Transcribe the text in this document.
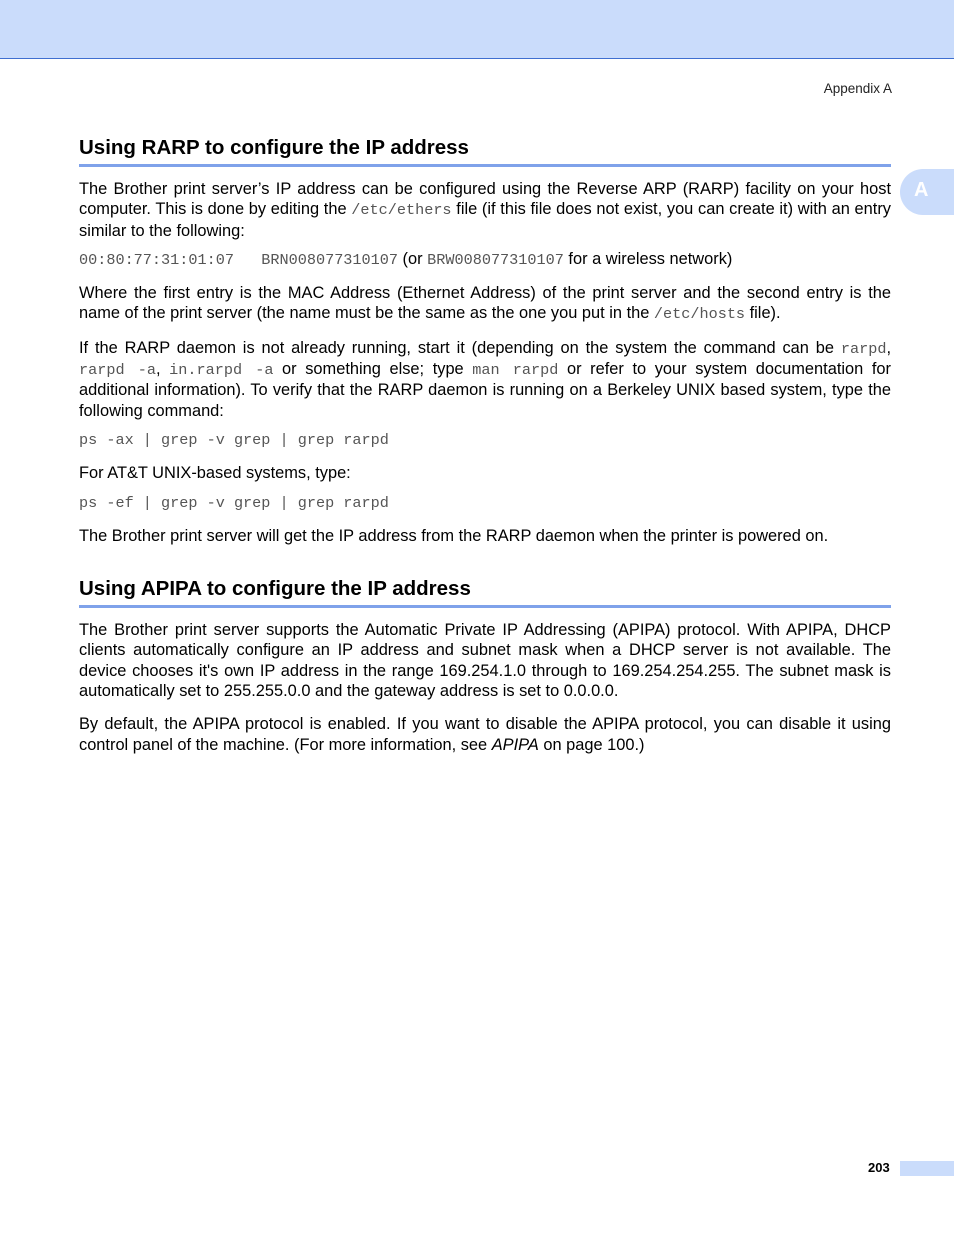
Appendix A
A
Using RARP to configure the IP address

The Brother print server’s IP address can be configured using the Reverse ARP (RARP) facility on your host computer. This is done by editing the /etc/ethers file (if this file does not exist, you can create it) with an entry similar to the following:

00:80:77:31:01:07   BRN008077310107 (or BRW008077310107 for a wireless network)

Where the first entry is the MAC Address (Ethernet Address) of the print server and the second entry is the name of the print server (the name must be the same as the one you put in the /etc/hosts file).

If the RARP daemon is not already running, start it (depending on the system the command can be rarpd, rarpd -a, in.rarpd -a or something else; type man rarpd or refer to your system documentation for additional information). To verify that the RARP daemon is running on a Berkeley UNIX based system, type the following command:

ps -ax | grep -v grep | grep rarpd

For AT&T UNIX-based systems, type:

ps -ef | grep -v grep | grep rarpd

The Brother print server will get the IP address from the RARP daemon when the printer is powered on.

Using APIPA to configure the IP address

The Brother print server supports the Automatic Private IP Addressing (APIPA) protocol. With APIPA, DHCP clients automatically configure an IP address and subnet mask when a DHCP server is not available. The device chooses it's own IP address in the range 169.254.1.0 through to 169.254.254.255. The subnet mask is automatically set to 255.255.0.0 and the gateway address is set to 0.0.0.0.

By default, the APIPA protocol is enabled. If you want to disable the APIPA protocol, you can disable it using control panel of the machine. (For more information, see APIPA on page 100.)

203
